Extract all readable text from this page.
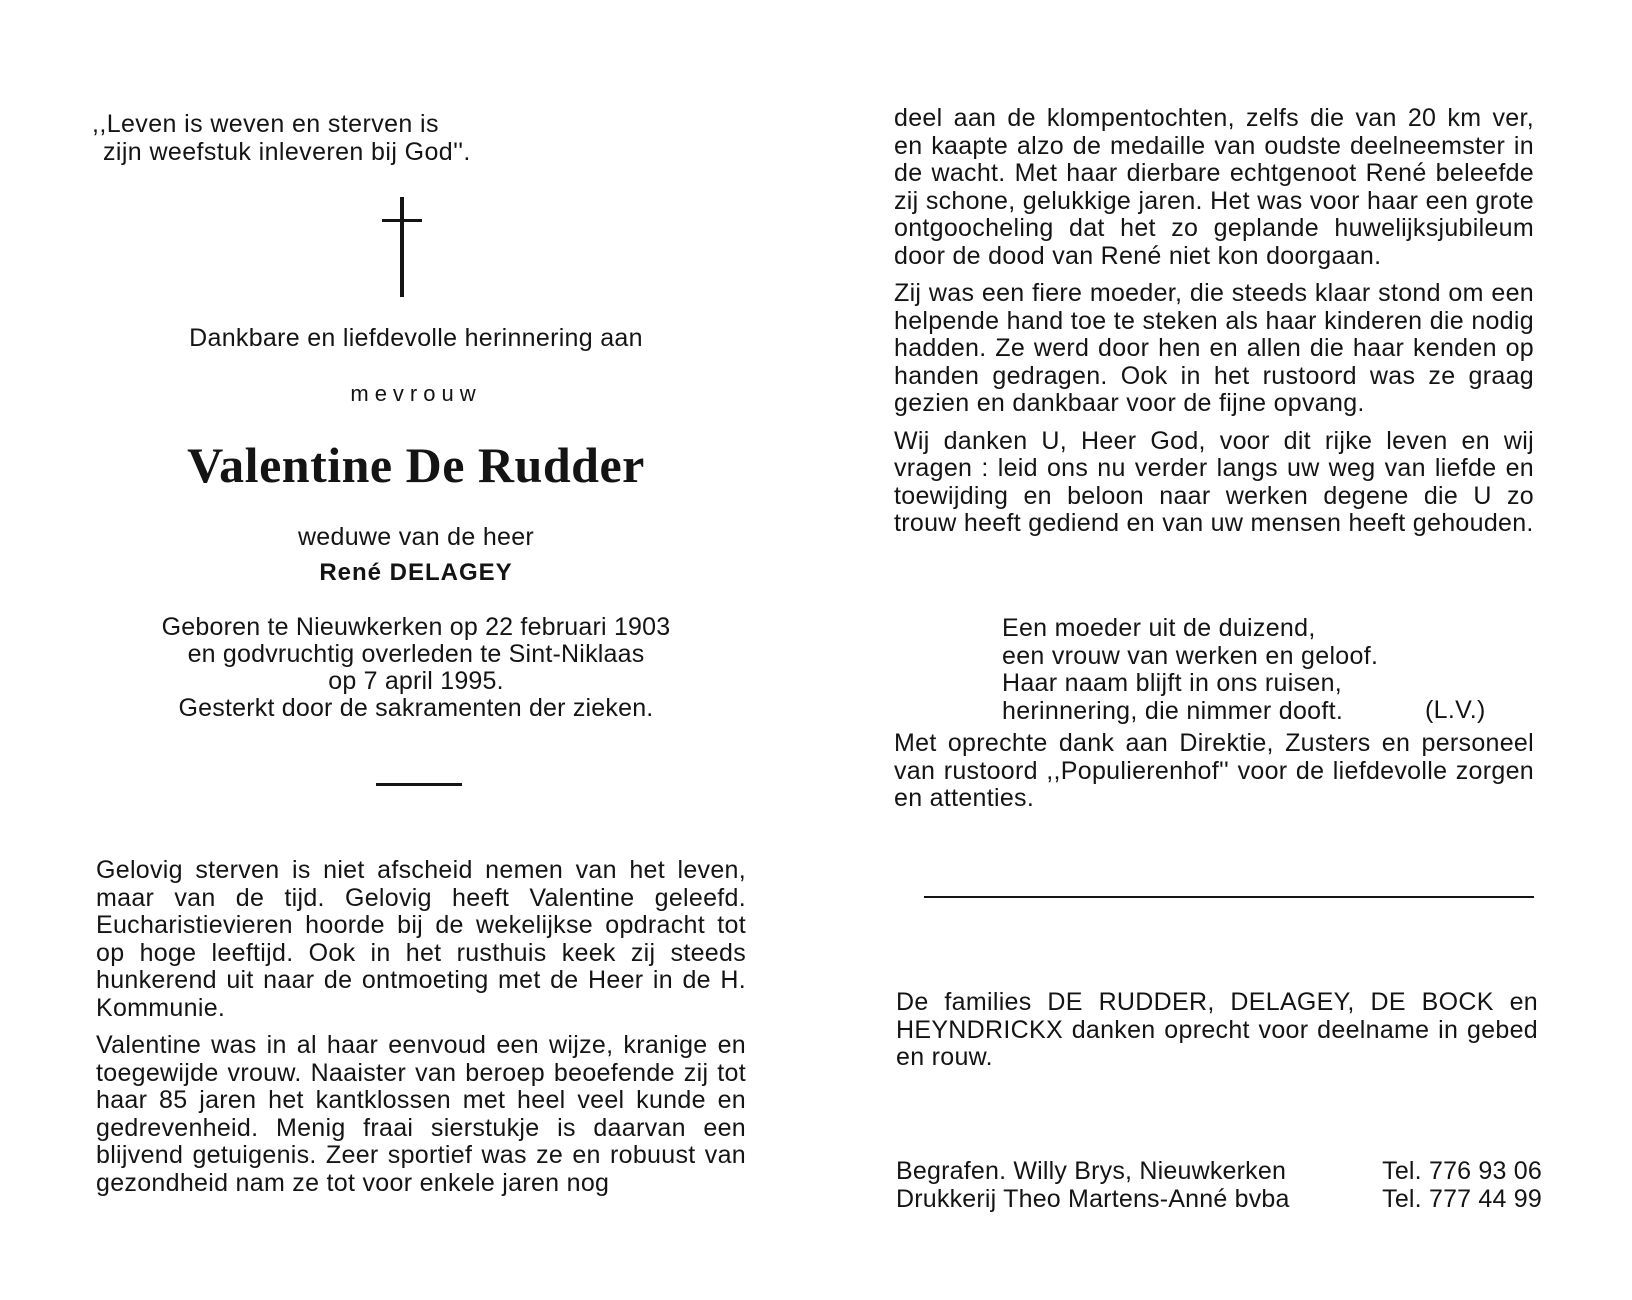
,,Leven is weven en sterven is
zijn weefstuk inleveren bij God''.
Dankbare en liefdevolle herinnering aan
mevrouw
Valentine De Rudder
weduwe van de heer
René DELAGEY
Geboren te Nieuwkerken op 22 februari 1903
en godvruchtig overleden te Sint-Niklaas
op 7 april 1995.
Gesterkt door de sakramenten der zieken.

Gelovig sterven is niet afscheid nemen van het leven, maar van de tijd. Gelovig heeft Valentine geleefd. Eucharistievieren hoorde bij de wekelijkse opdracht tot op hoge leeftijd. Ook in het rusthuis keek zij steeds hunkerend uit naar de ontmoeting met de Heer in de H. Kommunie.

Valentine was in al haar eenvoud een wijze, kranige en toegewijde vrouw. Naaister van beroep beoefende zij tot haar 85 jaren het kantklossen met heel veel kunde en gedrevenheid. Menig fraai sierstukje is daarvan een blijvend getuigenis. Zeer sportief was ze en robuust van gezondheid nam ze tot voor enkele jaren nog

deel aan de klompentochten, zelfs die van 20 km ver, en kaapte alzo de medaille van oudste deelneemster in de wacht. Met haar dierbare echtgenoot René beleefde zij schone, gelukkige jaren. Het was voor haar een grote ontgoocheling dat het zo geplande huwelijksjubileum door de dood van René niet kon doorgaan.

Zij was een fiere moeder, die steeds klaar stond om een helpende hand toe te steken als haar kinderen die nodig hadden. Ze werd door hen en allen die haar kenden op handen gedragen. Ook in het rustoord was ze graag gezien en dankbaar voor de fijne opvang.

Wij danken U, Heer God, voor dit rijke leven en wij vragen : leid ons nu verder langs uw weg van liefde en toewijding en beloon naar werken degene die U zo trouw heeft gediend en van uw mensen heeft gehouden.

Een moeder uit de duizend,
een vrouw van werken en geloof.
Haar naam blijft in ons ruisen,
herinnering, die nimmer dooft.	(L.V.)

Met oprechte dank aan Direktie, Zusters en personeel van rustoord ,,Populierenhof'' voor de liefdevolle zorgen en attenties.

De families DE RUDDER, DELAGEY, DE BOCK en HEYNDRICKX danken oprecht voor deelname in gebed en rouw.

Begrafen. Willy Brys, Nieuwkerken	Tel. 776 93 06
Drukkerij Theo Martens-Anné bvba	Tel. 777 44 99
